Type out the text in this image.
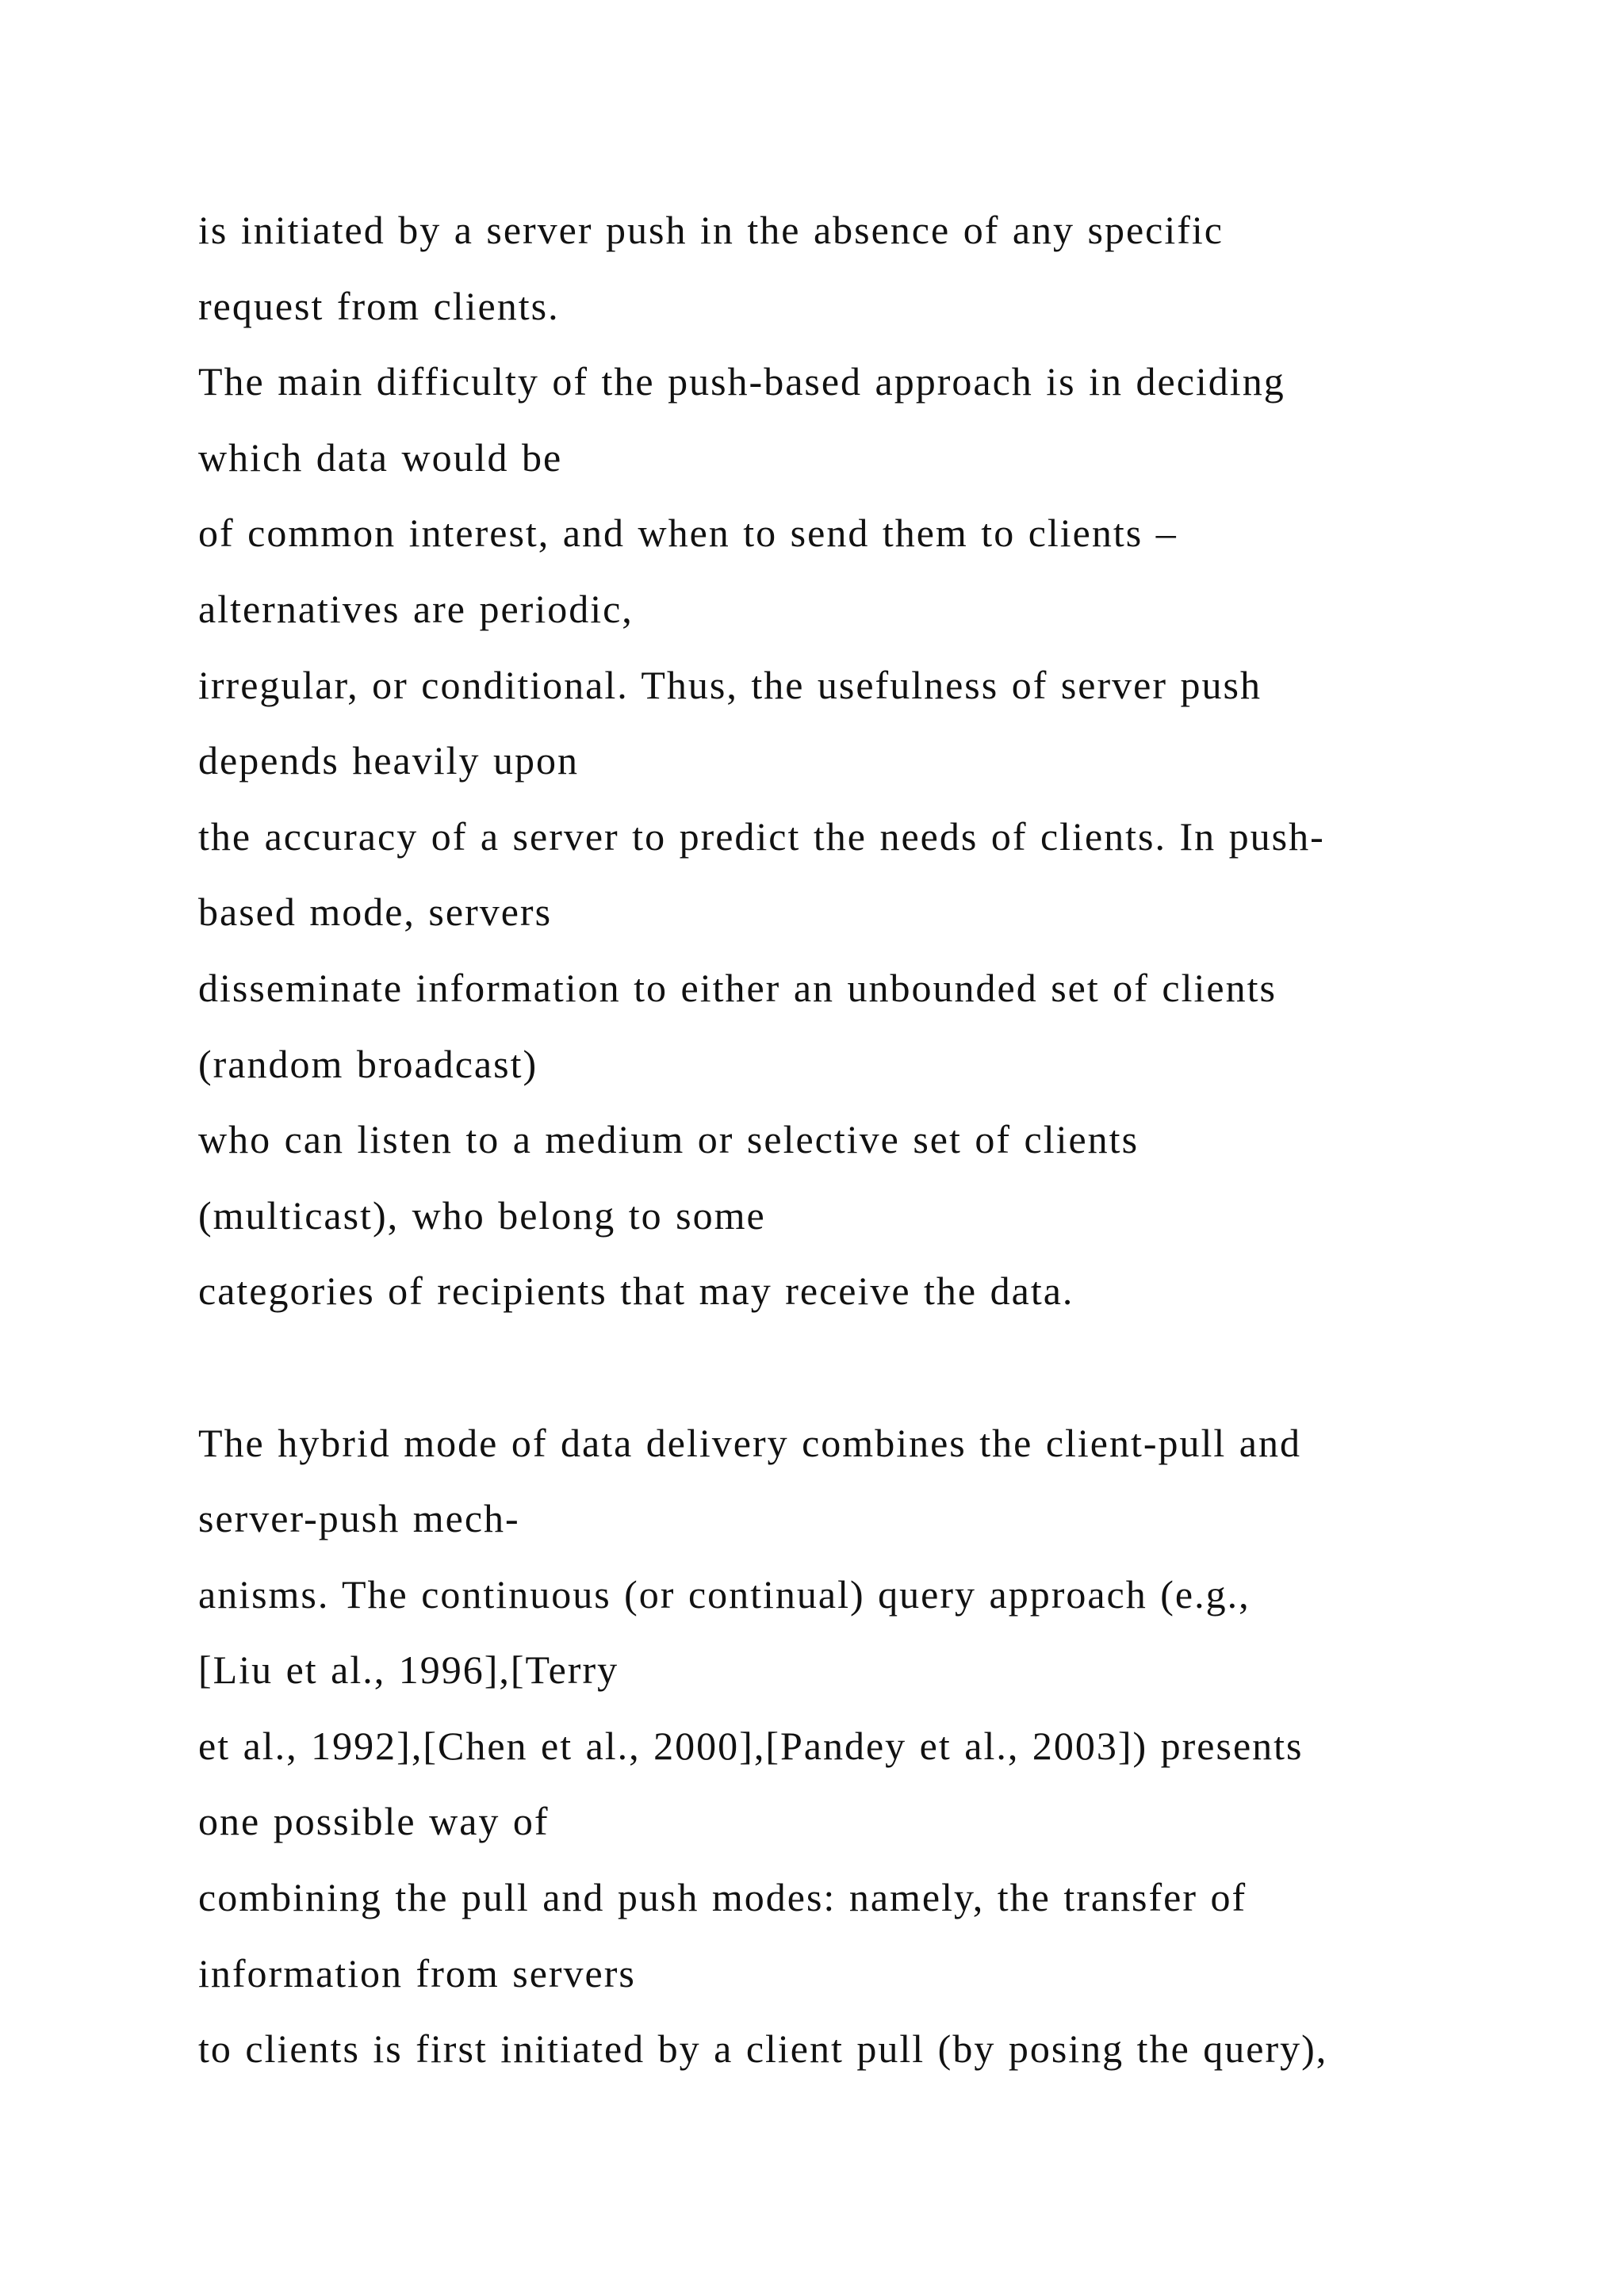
is initiated by a server push in the absence of any specific
request from clients.
The main difficulty of the push-based approach is in deciding
which data would be
of common interest, and when to send them to clients –
alternatives are periodic,
irregular, or conditional. Thus, the usefulness of server push
depends heavily upon
the accuracy of a server to predict the needs of clients. In push-
based mode, servers
disseminate information to either an unbounded set of clients
(random broadcast)
who can listen to a medium or selective set of clients
(multicast), who belong to some
categories of recipients that may receive the data.
The hybrid mode of data delivery combines the client-pull and
server-push mech-
anisms. The continuous (or continual) query approach (e.g.,
[Liu et al., 1996],[Terry
et al., 1992],[Chen et al., 2000],[Pandey et al., 2003]) presents
one possible way of
combining the pull and push modes: namely, the transfer of
information from servers
to clients is first initiated by a client pull (by posing the query),
